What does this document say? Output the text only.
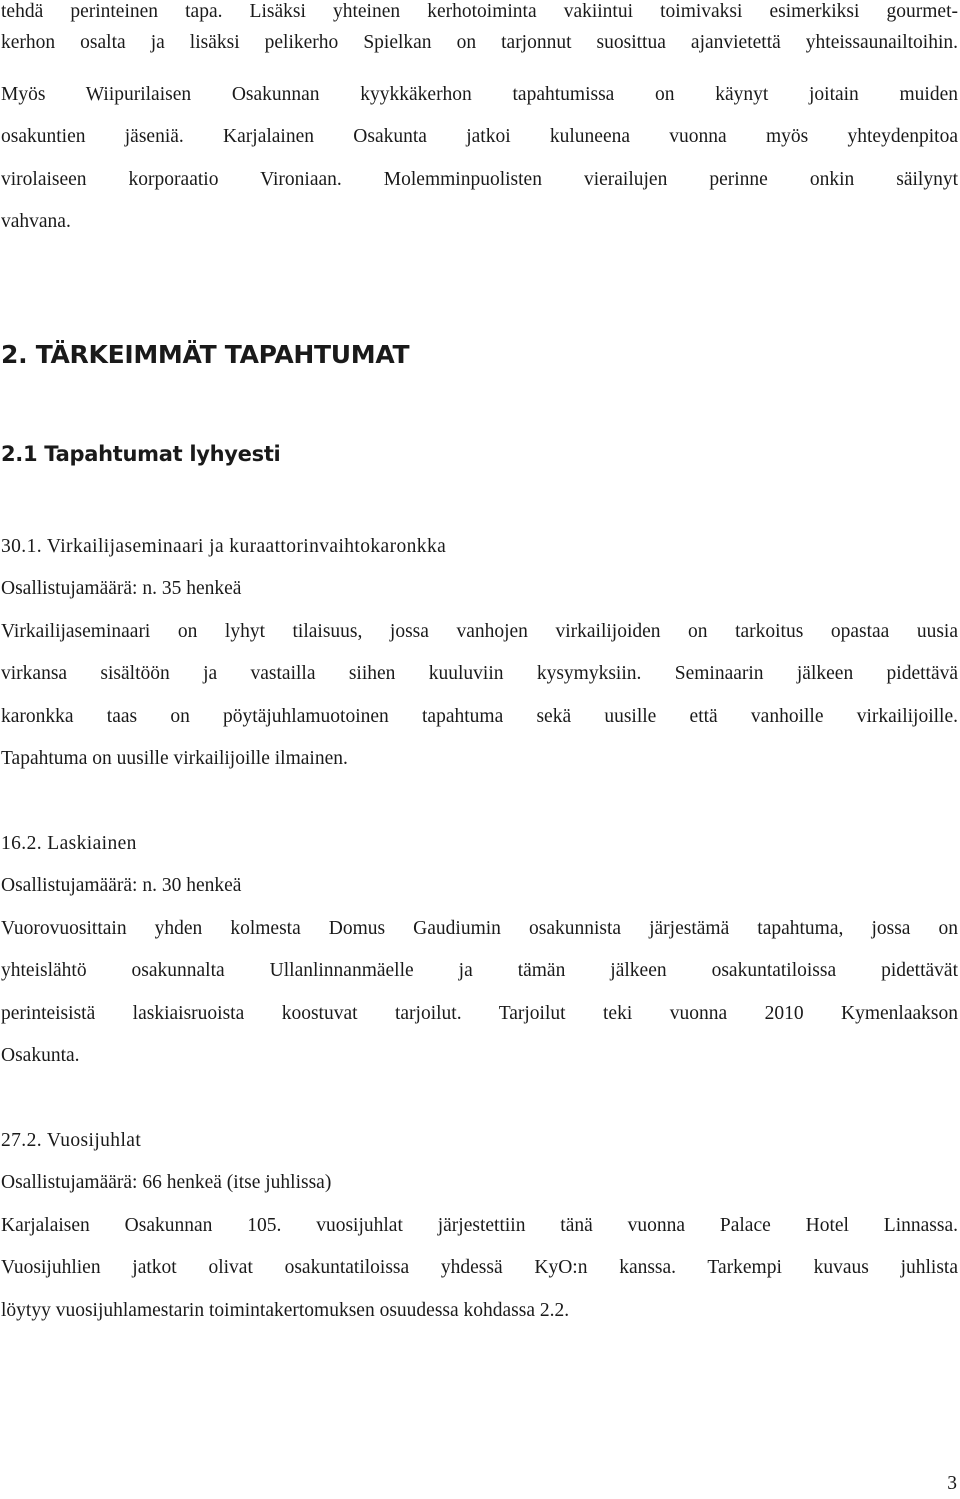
tehdä perinteinen tapa. Lisäksi yhteinen kerhotoiminta vakiintui toimivaksi esimerkiksi gourmet-
kerhon osalta ja lisäksi pelikerho Spielkan on tarjonnut suosittua ajanvietettä yhteissaunailtoihin.
Myös Wiipurilaisen Osakunnan kyykkäkerhon tapahtumissa on käynyt joitain muiden
osakuntien jäseniä. Karjalainen Osakunta jatkoi kuluneena vuonna myös yhteydenpitoa
virolaiseen korporaatio Vironiaan. Molemminpuolisten vierailujen perinne onkin säilynyt
vahvana.
2. TÄRKEIMMÄT TAPAHTUMAT
2.1 Tapahtumat lyhyesti
30.1. Virkailijaseminaari ja kuraattorinvaihtokaronkka
Osallistujamäärä: n. 35 henkeä
Virkailijaseminaari on lyhyt tilaisuus, jossa vanhojen virkailijoiden on tarkoitus opastaa uusia
virkansa sisältöön ja vastailla siihen kuuluviin kysymyksiin. Seminaarin jälkeen pidettävä
karonkka taas on pöytäjuhlamuotoinen tapahtuma sekä uusille että vanhoille virkailijoille.
Tapahtuma on uusille virkailijoille ilmainen.
16.2. Laskiainen
Osallistujamäärä: n. 30 henkeä
Vuorovuosittain yhden kolmesta Domus Gaudiumin osakunnista järjestämä tapahtuma, jossa on
yhteislähtö osakunnalta Ullanlinnanmäelle ja tämän jälkeen osakuntatiloissa pidettävät
perinteisistä laskiaisruoista koostuvat tarjoilut. Tarjoilut teki vuonna 2010 Kymenlaakson
Osakunta.
27.2. Vuosijuhlat
Osallistujamäärä: 66 henkeä (itse juhlissa)
Karjalaisen Osakunnan 105. vuosijuhlat järjestettiin tänä vuonna Palace Hotel Linnassa.
Vuosijuhlien jatkot olivat osakuntatiloissa yhdessä KyO:n kanssa. Tarkempi kuvaus juhlista
löytyy vuosijuhlamestarin toimintakertomuksen osuudessa kohdassa 2.2.
3
